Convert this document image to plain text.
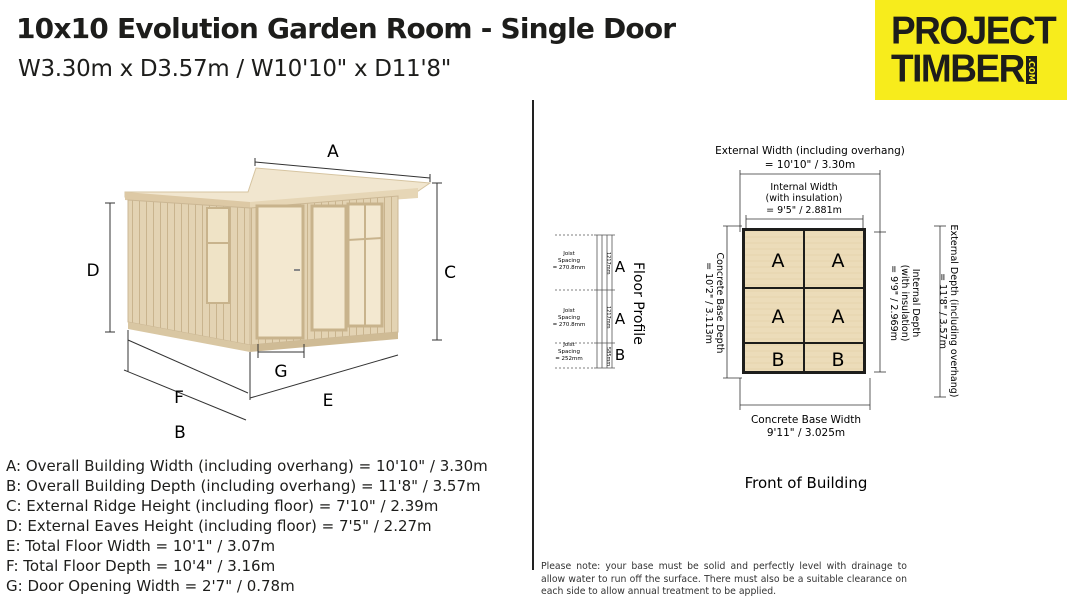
10x10 Evolution Garden Room - Single Door
W3.30m x D3.57m / W10'10" x D11'8"
PROJECT
TIMBER .COM
A
C
D
G
F	E
B
A: Overall Building Width (including overhang) = 10'10" / 3.30m
B: Overall Building Depth (including overhang) = 11'8" / 3.57m
C: External Ridge Height (including floor) = 7'10" / 2.39m
D: External Eaves Height (including floor) = 7'5" / 2.27m
E: Total Floor Width = 10'1" / 3.07m
F: Total Floor Depth = 10'4" / 3.16m
G: Door Opening Width = 2'7" / 0.78m
Joist
Spacing
= 270.8mm
Joist
Spacing
= 270.8mm
Joist
Spacing
= 252mm
1217mm
1217mm
585mm
A
A
B
Floor Profile
External Width (including overhang)
= 10'10" / 3.30m
Internal Width
(with insulation)
= 9'5" / 2.881m
A A
A A
B B
Concrete Base Depth
= 10'2" / 3.113m	Internal Depth
(with insulation)
= 9'9" / 2.969m	External Depth (including overhang)
= 11'8" / 3.57m
Concrete Base Width
9'11" / 3.025m
Front of Building
Please note: your base must be solid and perfectly level with drainage to allow water to run off the surface. There must also be a suitable clearance on each side to allow annual treatment to be applied.
